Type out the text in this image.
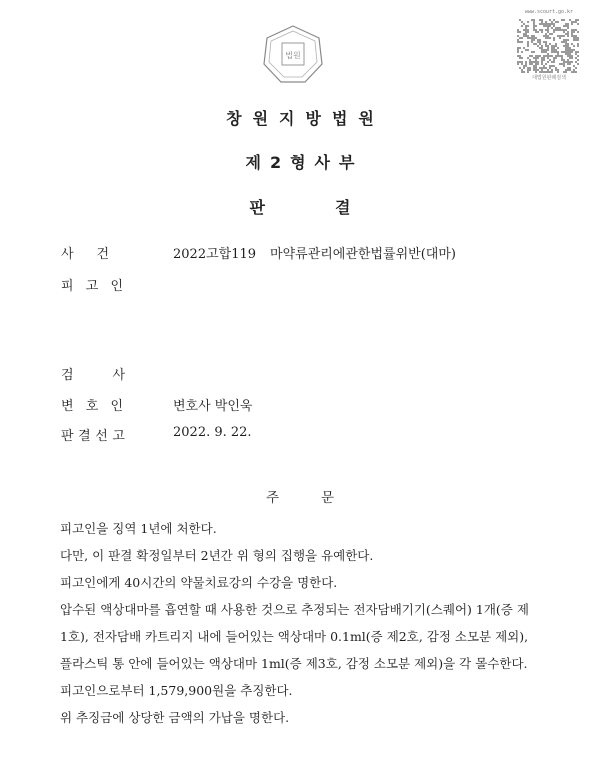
법원
www.scourt.go.kr
대법원판례검색
창원지방법원
제2형사부
판결
사 건	2022고합119 마약류관리에관한법률위반(대마)
피 고 인
검	사
변 호 인	변호사 박인욱
판 결 선 고	2022. 9. 22.
주문
피고인을 징역 1년에 처한다.
다만, 이 판결 확정일부터 2년간 위 형의 집행을 유예한다.
피고인에게 40시간의 약물치료강의 수강을 명한다.
압수된 액상대마를 흡연할 때 사용한 것으로 추정되는 전자담배기기(스퀘어) 1개(증 제
1호), 전자담배 카트리지 내에 들어있는 액상대마 0.1ml(증 제2호, 감정 소모분 제외),
플라스틱 통 안에 들어있는 액상대마 1ml(증 제3호, 감정 소모분 제외)을 각 몰수한다.
피고인으로부터 1,579,900원을 추징한다.
위 추징금에 상당한 금액의 가납을 명한다.
